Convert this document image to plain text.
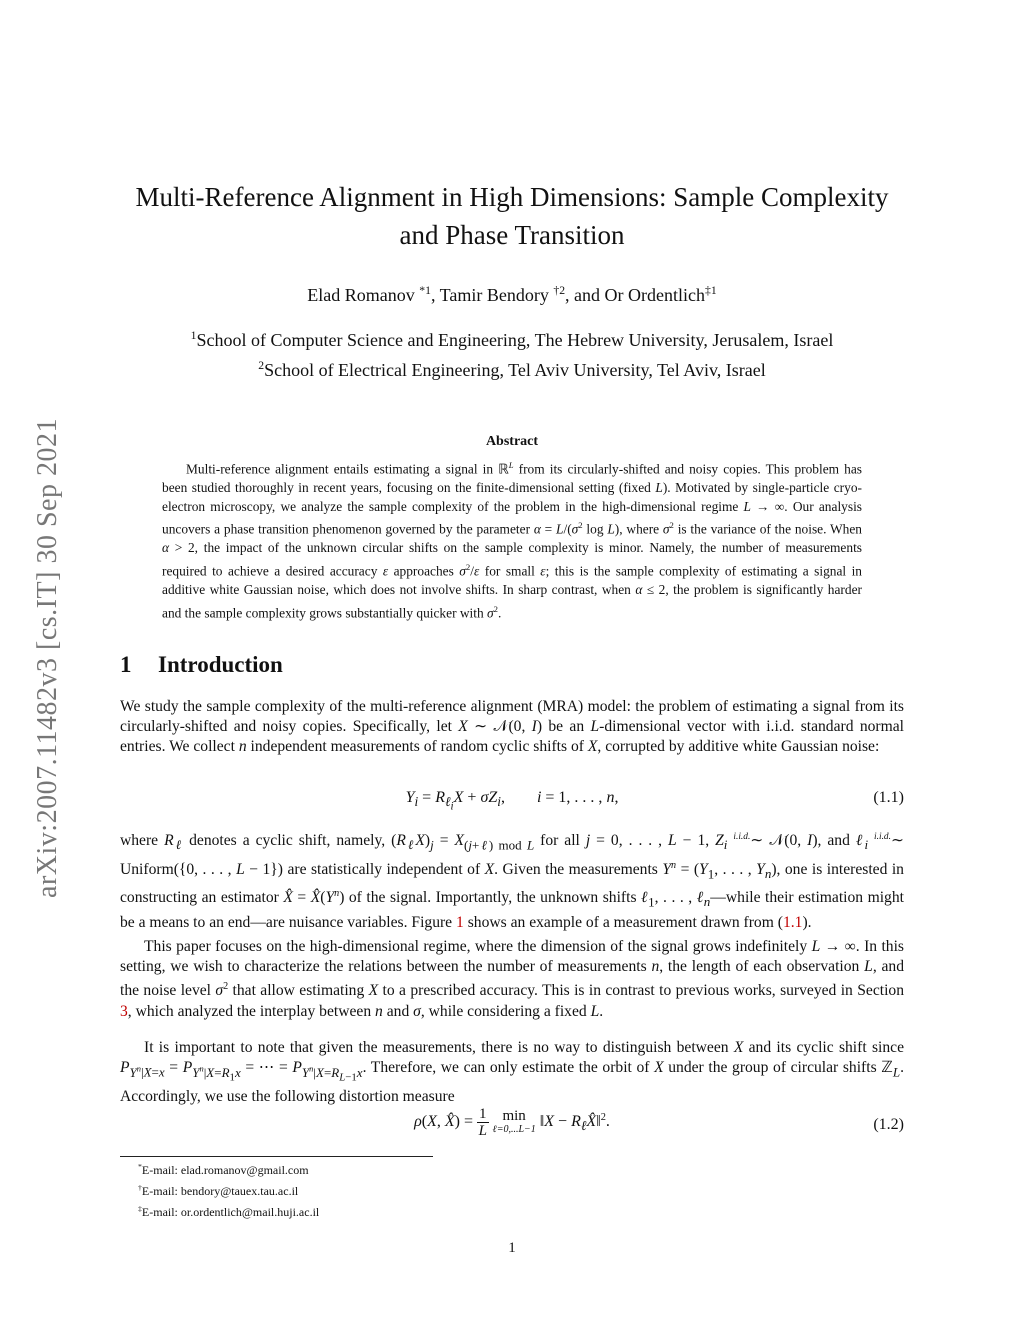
arXiv:2007.11482v3 [cs.IT] 30 Sep 2021
Multi-Reference Alignment in High Dimensions: Sample Complexity and Phase Transition
Elad Romanov $^{*1}$, Tamir Bendory $^{\dagger 2}$, and Or Ordentlich$^{\ddagger 1}$
$^1$School of Computer Science and Engineering, The Hebrew University, Jerusalem, Israel
$^2$School of Electrical Engineering, Tel Aviv University, Tel Aviv, Israel
Abstract
Multi-reference alignment entails estimating a signal in ℝ$^L$ from its circularly-shifted and noisy copies. This problem has been studied thoroughly in recent years, focusing on the finite-dimensional setting (fixed L). Motivated by single-particle cryo-electron microscopy, we analyze the sample complexity of the problem in the high-dimensional regime L → ∞. Our analysis uncovers a phase transition phenomenon governed by the parameter $\alpha = L/(\sigma^2$ log L), where $\sigma^2$ is the variance of the noise. When α > 2, the impact of the unknown circular shifts on the sample complexity is minor. Namely, the number of measurements required to achieve a desired accuracy ε approaches $\sigma^2/\varepsilon$ for small ε; this is the sample complexity of estimating a signal in additive white Gaussian noise, which does not involve shifts. In sharp contrast, when α ≤ 2, the problem is significantly harder and the sample complexity grows substantially quicker with $\sigma^2$.
1 Introduction
We study the sample complexity of the multi-reference alignment (MRA) model: the problem of estimating a signal from its circularly-shifted and noisy copies. Specifically, let X ∼ 𝒩(0, I) be an L-dimensional vector with i.i.d. standard normal entries. We collect n independent measurements of random cyclic shifts of X, corrupted by additive white Gaussian noise:
$Y_i = R_{\ell_i}X + \sigma Z_i$,        i = 1, . . . , n,	(1.1)
where $R_\ell$ denotes a cyclic shift, namely, $(R_\ell X)_j = X_{(j+\ell) mod L}$ for all j = 0, . . . , L − 1, $Z_i$ $^{i.i.d.}$∼ 𝒩(0, I), and ℓ$_i$ $^{i.i.d.}$∼ Uniform({0, . . . , L − 1}) are statistically independent of X. Given the measurements $Y^n = (Y_1$, . . . , $Y_n$), one is interested in constructing an estimator X̂ = $X̂(Y^n)$ of the signal. Importantly, the unknown shifts ℓ$_1$, . . . , ℓ$_n$—while their estimation might be a means to an end—are nuisance variables. Figure 1 shows an example of a measurement drawn from (1.1).
This paper focuses on the high-dimensional regime, where the dimension of the signal grows indefinitely L → ∞. In this setting, we wish to characterize the relations between the number of measurements n, the length of each observation L, and the noise level $\sigma^2$ that allow estimating X to a prescribed accuracy. This is in contrast to previous works, surveyed in Section 3, which analyzed the interplay between n and σ, while considering a fixed L.
It is important to note that given the measurements, there is no way to distinguish between X and its cyclic shift since $P_{Y^n|X=x} = P_{Y^n|X=R_1x}$ = ⋯ = $P_{Y^n|X=R_{L-1}x}$. Therefore, we can only estimate the orbit of X under the group of circular shifts ℤ$_L$. Accordingly, we use the following distortion measure
ρ(X, X̂) = $\frac{1}{L}$
min
ℓ=0,...L−1 ‖X − $R_\ell X̂‖^2$.	(1.2)
*E-mail: elad.romanov@gmail.com
†E-mail: bendory@tauex.tau.ac.il
‡E-mail: or.ordentlich@mail.huji.ac.il
1
